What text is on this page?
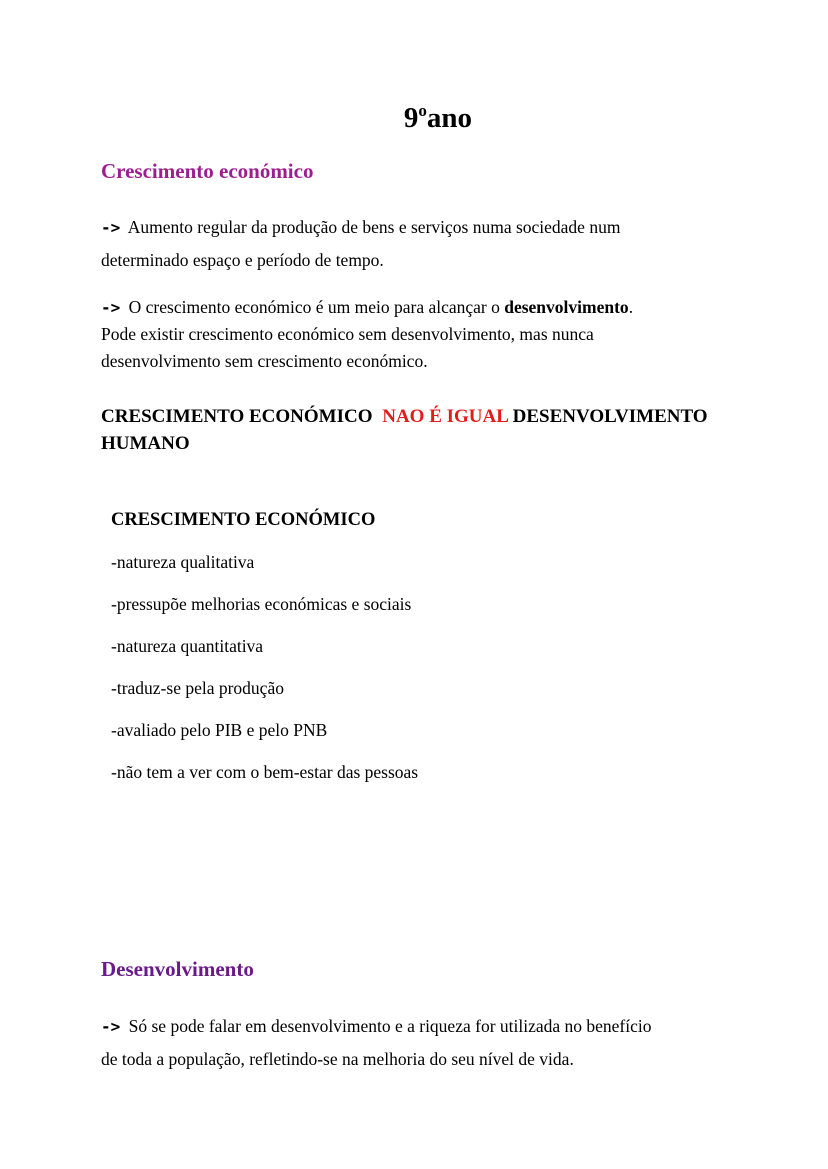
9$^o$ano
Crescimento económico
-> Aumento regular da produção de bens e serviços numa sociedade num
determinado espaço e período de tempo.
-> O crescimento económico é um meio para alcançar o desenvolvimento.
Pode existir crescimento económico sem desenvolvimento, mas nunca
desenvolvimento sem crescimento económico.
CRESCIMENTO ECONÓMICO NAO É IGUAL DESENVOLVIMENTO
HUMANO
CRESCIMENTO ECONÓMICO
-natureza qualitativa
-pressupõe melhorias económicas e sociais
-natureza quantitativa
-traduz-se pela produção
-avaliado pelo PIB e pelo PNB
-não tem a ver com o bem-estar das pessoas
Desenvolvimento
-> Só se pode falar em desenvolvimento e a riqueza for utilizada no benefício
de toda a população, refletindo-se na melhoria do seu nível de vida.
